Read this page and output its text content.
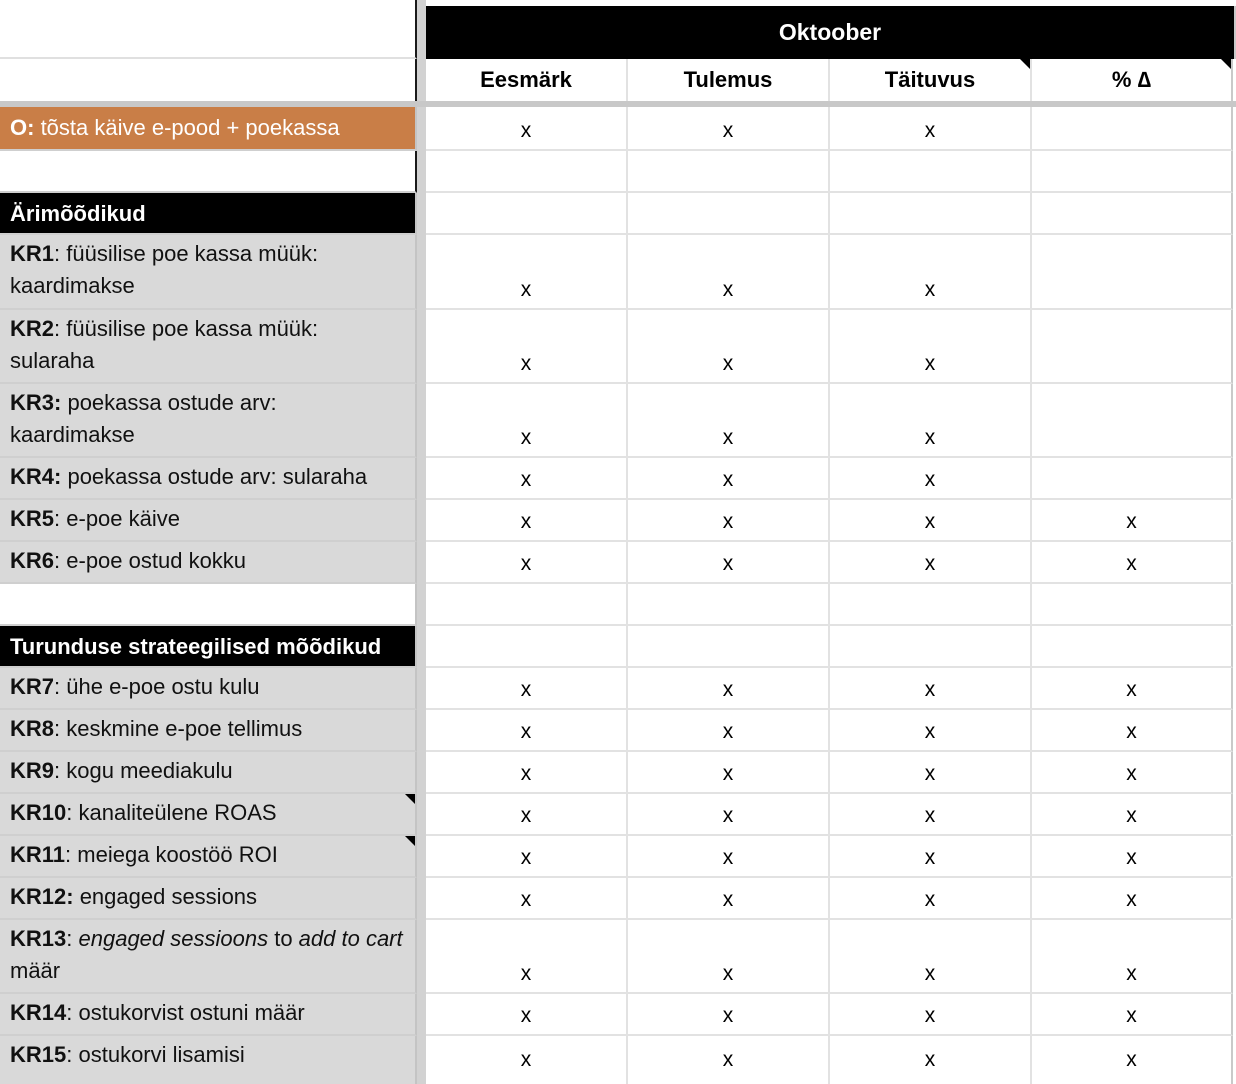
Oktoober
Eesmärk	Tulemus	Täituvus	% ∆
O: tõsta käive e-pood + poekassa	x	x	x
Ärimõõdikud
KR1: füüsilise poe kassa müük: kaardimakse	x	x	x
KR2: füüsilise poe kassa müük: sularaha	x	x	x
KR3: poekassa ostude arv: kaardimakse	x	x	x
KR4: poekassa ostude arv: sularaha	x	x	x
KR5: e-poe käive	x	x	x	x
KR6: e-poe ostud kokku	x	x	x	x
Turunduse strateegilised mõõdikud
KR7: ühe e-poe ostu kulu	x	x	x	x
KR8: keskmine e-poe tellimus	x	x	x	x
KR9: kogu meediakulu	x	x	x	x
KR10: kanaliteülene ROAS	x	x	x	x
KR11: meiega koostöö ROI	x	x	x	x
KR12: engaged sessions	x	x	x	x
KR13: engaged sessioons to add to cart määr	x	x	x	x
KR14: ostukorvist ostuni määr	x	x	x	x
KR15: ostukorvi lisamisi	x	x	x	x
